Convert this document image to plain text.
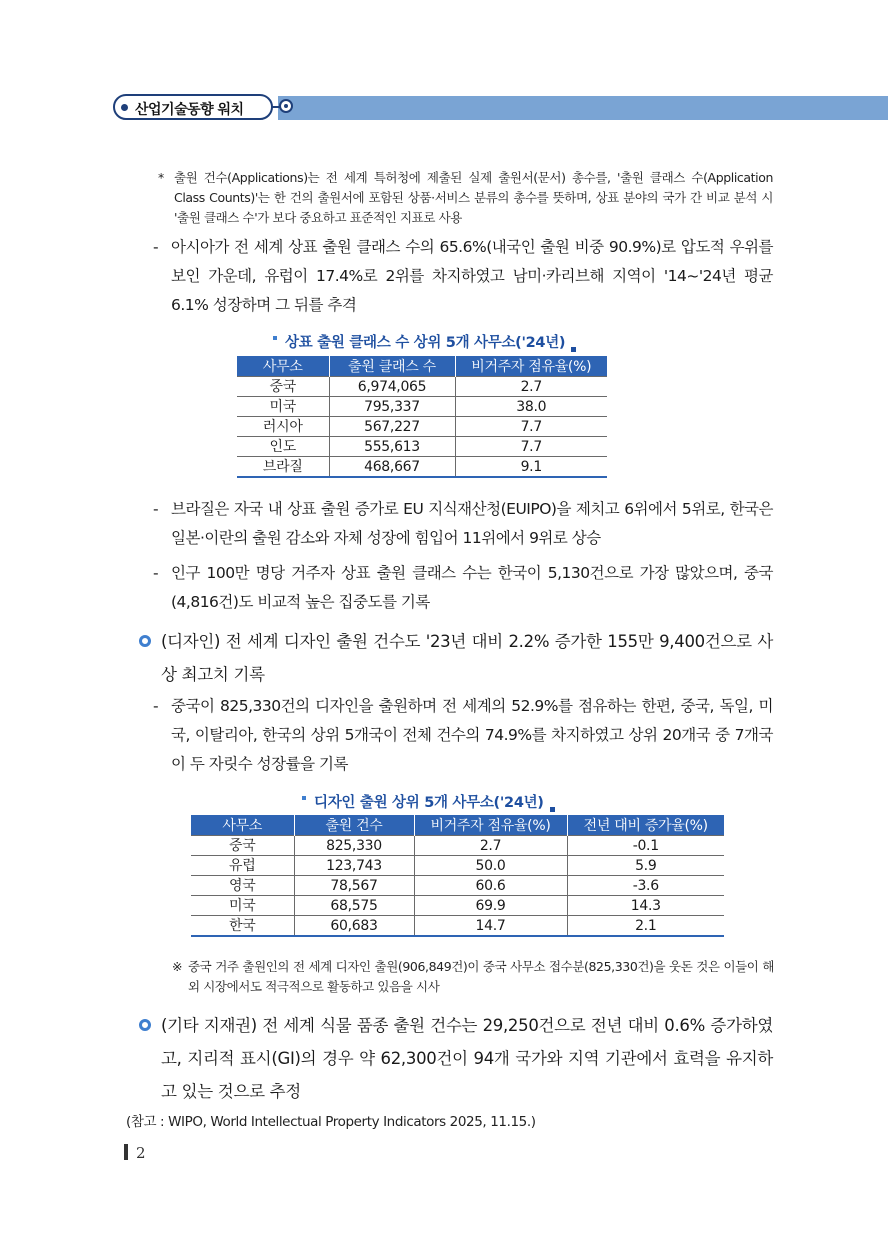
산업기술동향 워치
* 출원 건수(Applications)는 전 세계 특허청에 제출된 실제 출원서(문서) 총수를, '출원 클래스 수(Application Class Counts)'는 한 건의 출원서에 포함된 상품·서비스 분류의 총수를 뜻하며, 상표 분야의 국가 간 비교 분석 시 '출원 클래스 수'가 보다 중요하고 표준적인 지표로 사용
- 아시아가 전 세계 상표 출원 클래스 수의 65.6%(내국인 출원 비중 90.9%)로 압도적 우위를 보인 가운데, 유럽이 17.4%로 2위를 차지하였고 남미·카리브해 지역이 '14~'24년 평균 6.1% 성장하며 그 뒤를 추격
상표 출원 클래스 수 상위 5개 사무소('24년)
사무소	출원 클래스 수	비거주자 점유율(%)
중국	6,974,065	2.7
미국	795,337	38.0
러시아	567,227	7.7
인도	555,613	7.7
브라질	468,667	9.1
- 브라질은 자국 내 상표 출원 증가로 EU 지식재산청(EUIPO)을 제치고 6위에서 5위로, 한국은 일본·이란의 출원 감소와 자체 성장에 힘입어 11위에서 9위로 상승
- 인구 100만 명당 거주자 상표 출원 클래스 수는 한국이 5,130건으로 가장 많았으며, 중국(4,816건)도 비교적 높은 집중도를 기록
(디자인) 전 세계 디자인 출원 건수도 '23년 대비 2.2% 증가한 155만 9,400건으로 사상 최고치 기록
- 중국이 825,330건의 디자인을 출원하며 전 세계의 52.9%를 점유하는 한편, 중국, 독일, 미국, 이탈리아, 한국의 상위 5개국이 전체 건수의 74.9%를 차지하였고 상위 20개국 중 7개국이 두 자릿수 성장률을 기록
디자인 출원 상위 5개 사무소('24년)
사무소	출원 건수	비거주자 점유율(%)	전년 대비 증가율(%)
중국	825,330	2.7	-0.1
유럽	123,743	50.0	5.9
영국	78,567	60.6	-3.6
미국	68,575	69.9	14.3
한국	60,683	14.7	2.1
※ 중국 거주 출원인의 전 세계 디자인 출원(906,849건)이 중국 사무소 접수분(825,330건)을 웃돈 것은 이들이 해외 시장에서도 적극적으로 활동하고 있음을 시사
(기타 지재권) 전 세계 식물 품종 출원 건수는 29,250건으로 전년 대비 0.6% 증가하였고, 지리적 표시(GI)의 경우 약 62,300건이 94개 국가와 지역 기관에서 효력을 유지하고 있는 것으로 추정
(참고 : WIPO, World Intellectual Property Indicators 2025, 11.15.)
2
